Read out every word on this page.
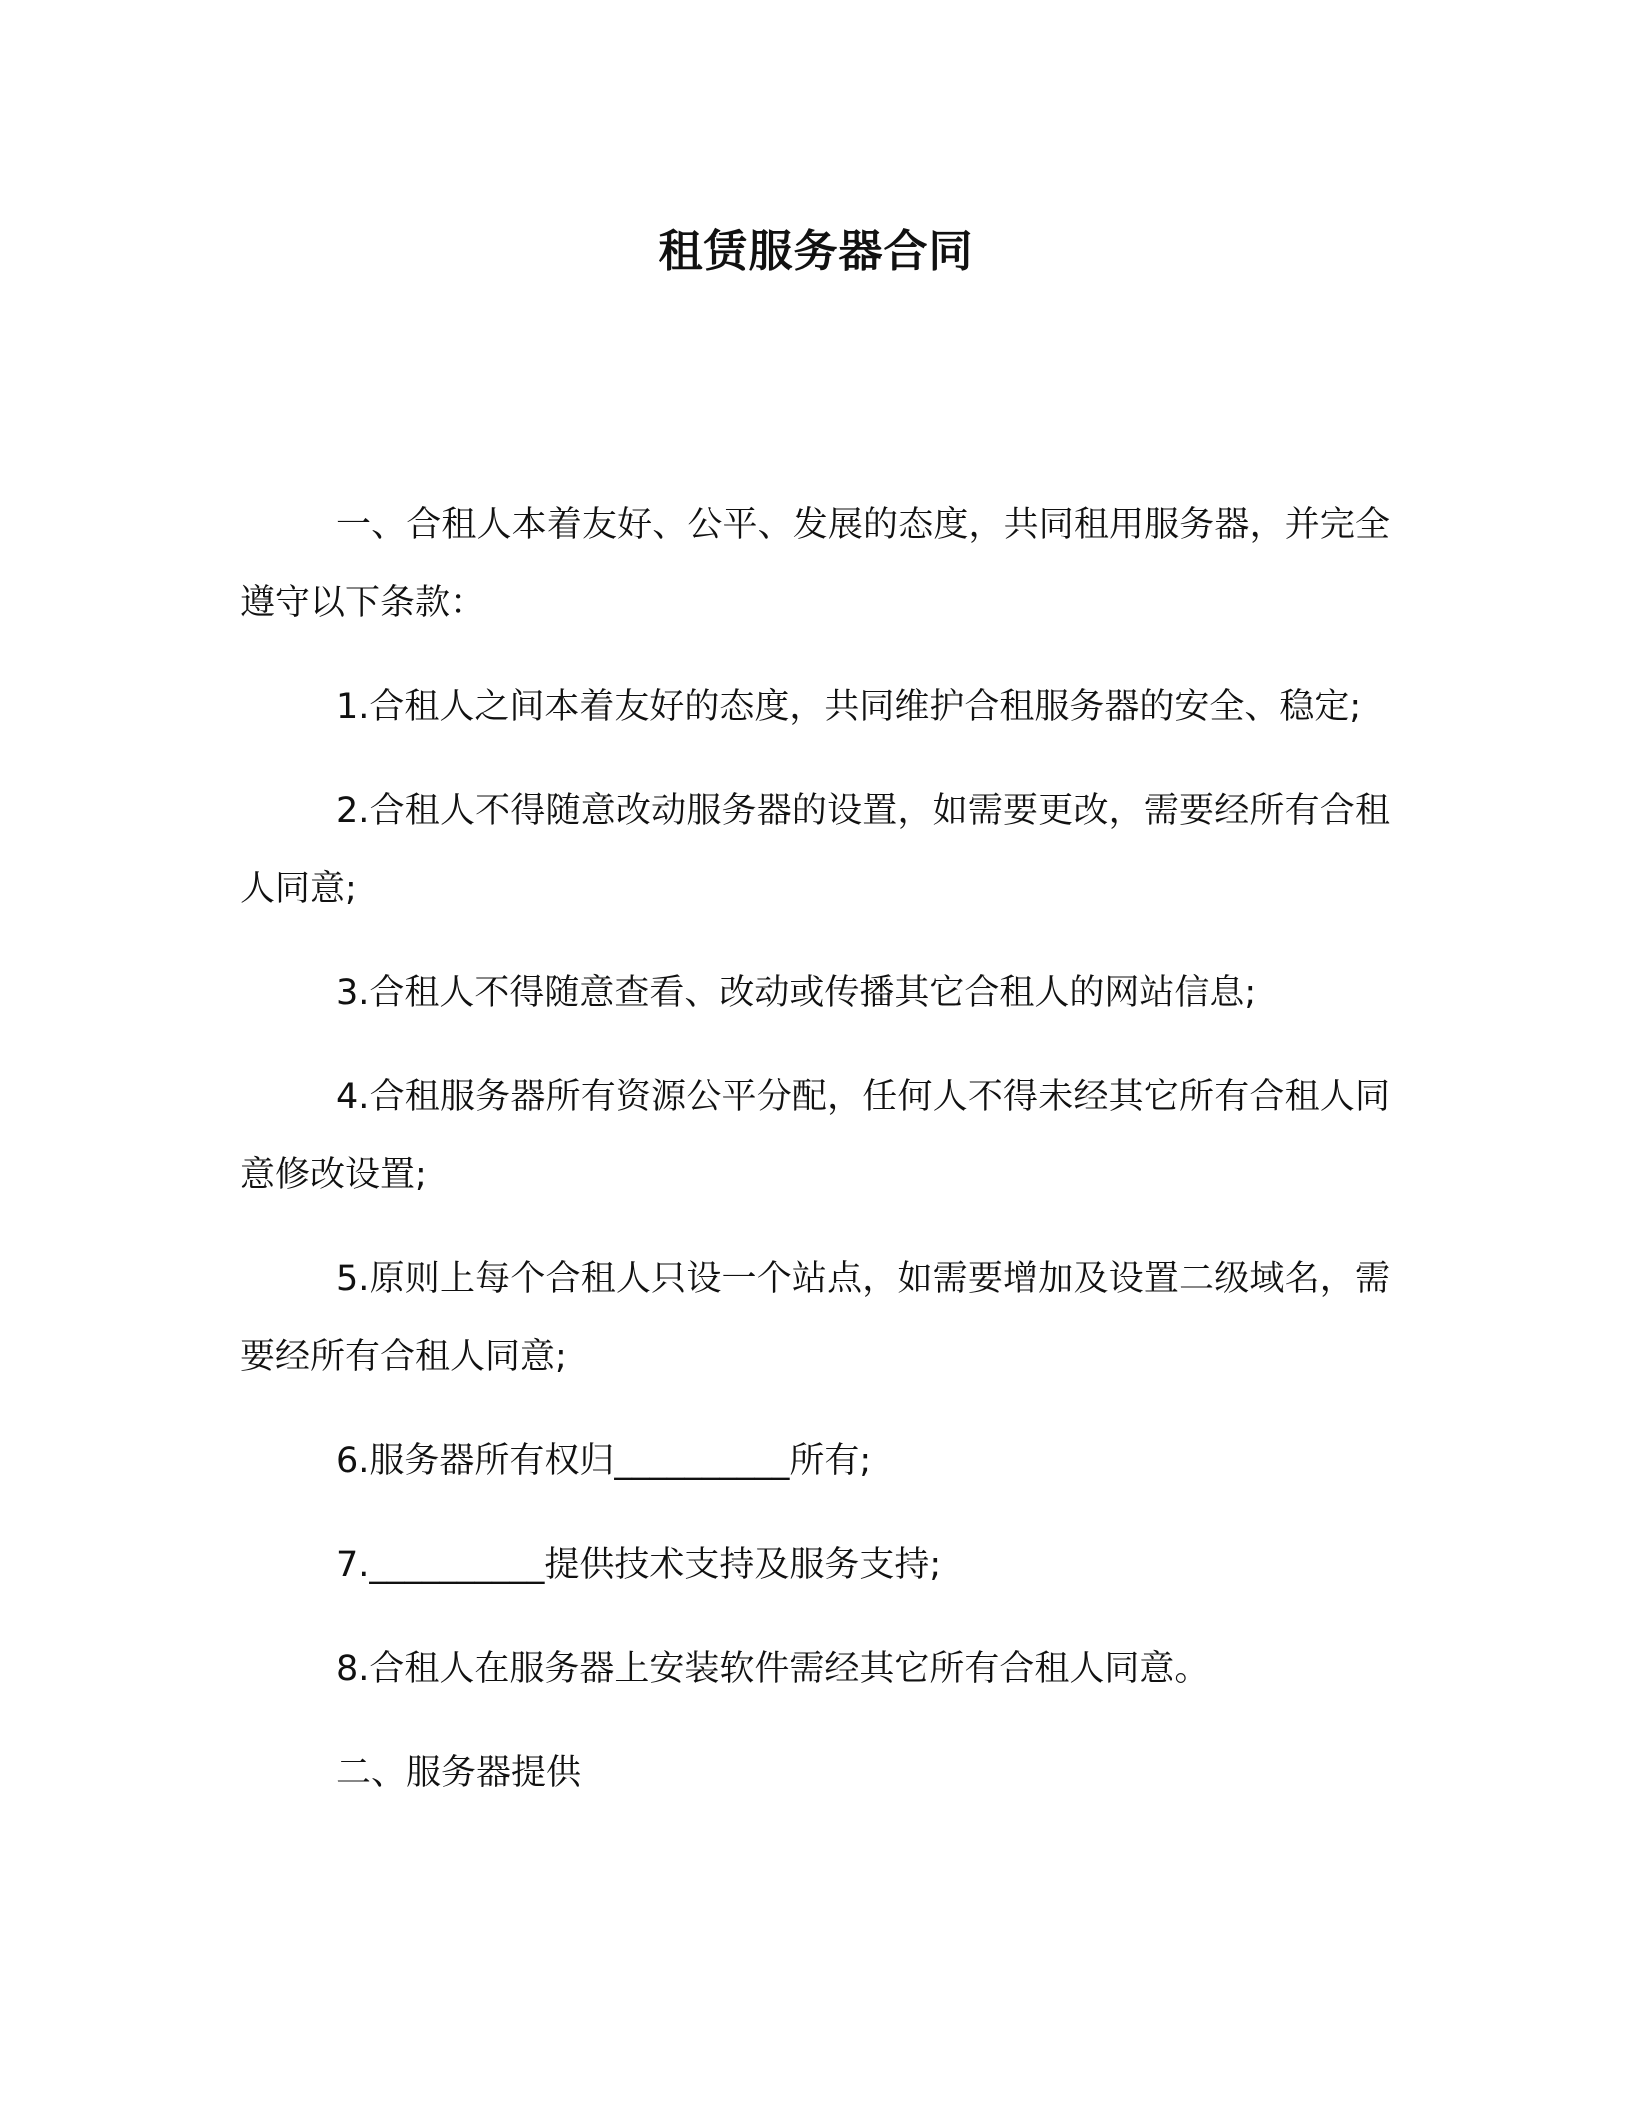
租赁服务器合同

一、合租人本着友好、公平、发展的态度，共同租用服务器，并完全遵守以下条款：

1.合租人之间本着友好的态度，共同维护合租服务器的安全、稳定;

2.合租人不得随意改动服务器的设置，如需要更改，需要经所有合租人同意;

3.合租人不得随意查看、改动或传播其它合租人的网站信息;

4.合租服务器所有资源公平分配，任何人不得未经其它所有合租人同意修改设置;

5.原则上每个合租人只设一个站点，如需要增加及设置二级域名，需要经所有合租人同意;

6.服务器所有权归__________所有;

7.__________提供技术支持及服务支持;

8.合租人在服务器上安装软件需经其它所有合租人同意。

二、服务器提供
